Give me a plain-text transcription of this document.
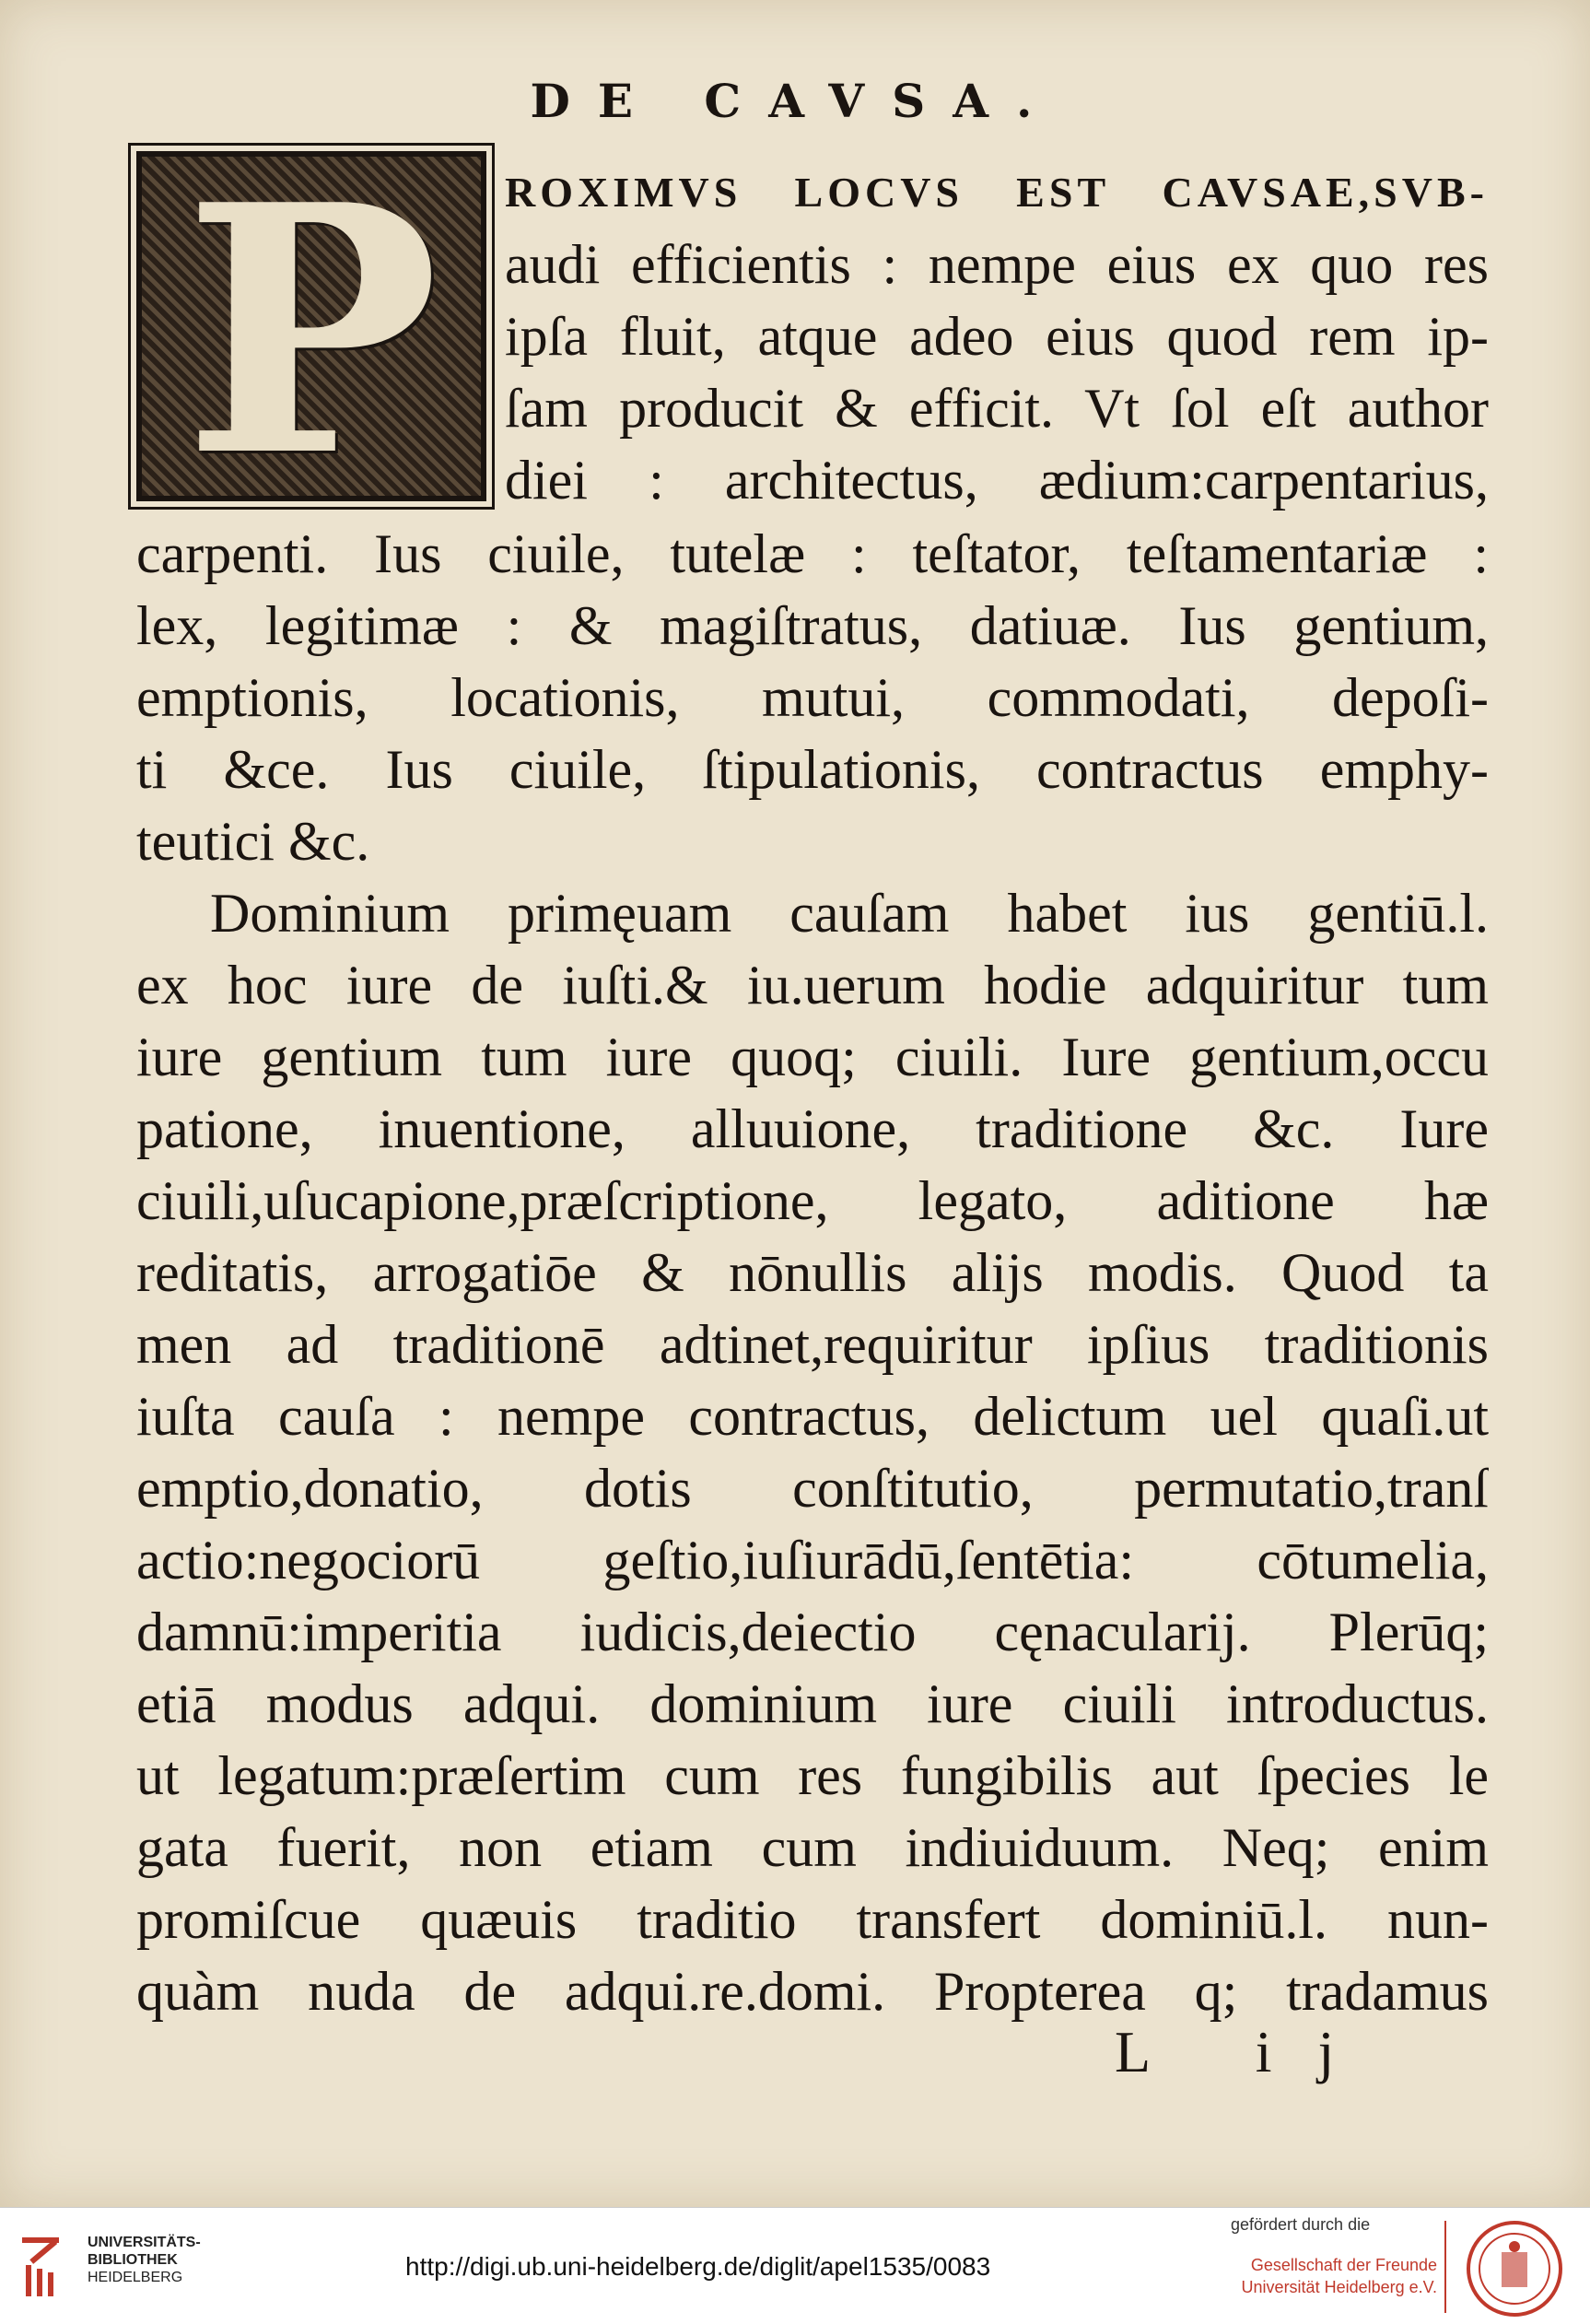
DE CAVSA.
P	ROXIMVS LOCVS EST CAVSAE,SVB-
audi efficientis : nempe eius ex quo res
ipſa fluit, atque adeo eius quod rem ip-
ſam producit & efficit. Vt ſol eſt author
diei : architectus, ædium:carpentarius,
carpenti. Ius ciuile, tutelæ : teſtator, teſtamentariæ :
lex, legitimæ : & magiſtratus, datiuæ. Ius gentium,
emptionis, locationis, mutui, commodati, depoſi-
ti &ce. Ius ciuile, ſtipulationis, contractus emphy-
teutici &c.
Dominium primęuam cauſam habet ius gentiū.l.
ex hoc iure de iuſti.& iu.uerum hodie adquiritur tum
iure gentium tum iure quoq; ciuili. Iure gentium,occu
patione, inuentione, alluuione, traditione &c. Iure
ciuili,uſucapione,præſcriptione, legato, aditione hæ
reditatis, arrogatiōe & nōnullis alijs modis. Quod ta
men ad traditionē adtinet,requiritur ipſius traditionis
iuſta cauſa : nempe contractus, delictum uel quaſi.ut
emptio,donatio, dotis conſtitutio, permutatio,tranſ
actio:negociorū geſtio,iuſiurādū,ſentētia: cōtumelia,
damnū:imperitia iudicis,deiectio cęnacularij. Plerūq;
etiā modus adqui. dominium iure ciuili introductus.
ut legatum:præſertim cum res fungibilis aut ſpecies le
gata fuerit, non etiam cum indiuiduum. Neq; enim
promiſcue quæuis traditio transfert dominiū.l. nun-
quàm nuda de adqui.re.domi. Propterea q; tradamus
L ij
UNIVERSITÄTS-
BIBLIOTHEK
HEIDELBERG	http://digi.ub.uni-heidelberg.de/diglit/apel1535/0083
gefördert durch die
Gesellschaft der Freunde
Universität Heidelberg e.V.
